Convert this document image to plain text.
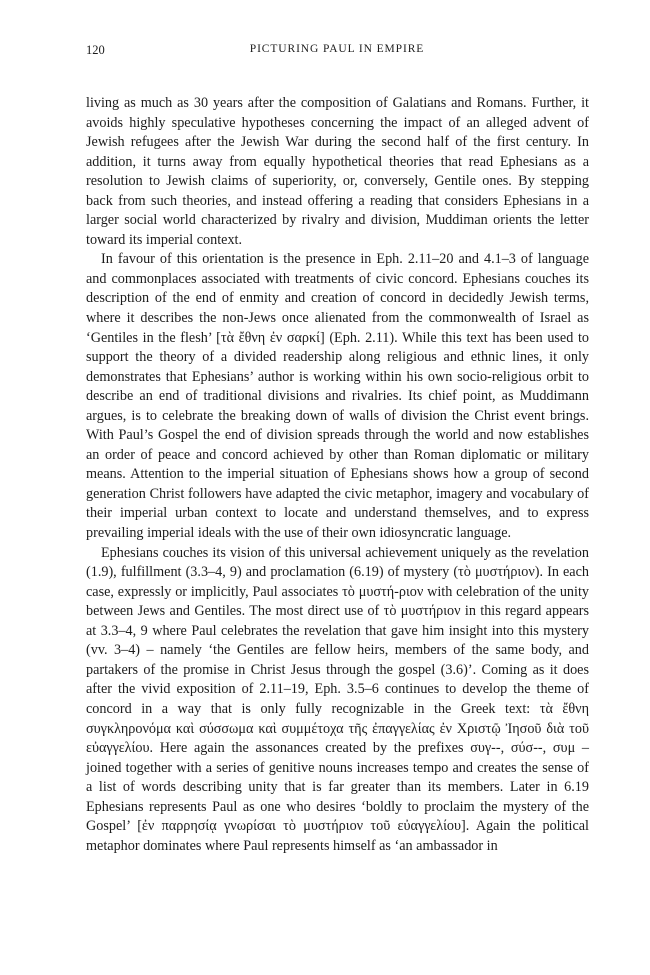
120	PICTURING PAUL IN EMPIRE

living as much as 30 years after the composition of Galatians and Romans. Further, it avoids highly speculative hypotheses concerning the impact of an alleged advent of Jewish refugees after the Jewish War during the second half of the first century. In addition, it turns away from equally hypothetical theories that read Ephesians as a resolution to Jewish claims of superiority, or, conversely, Gentile ones. By stepping back from such theories, and instead offering a reading that considers Ephesians in a larger social world characterized by rivalry and division, Muddiman orients the letter toward its imperial context.

In favour of this orientation is the presence in Eph. 2.11–20 and 4.1–3 of language and commonplaces associated with treatments of civic concord. Ephesians couches its description of the end of enmity and creation of concord in decidedly Jewish terms, where it describes the non-Jews once alienated from the commonwealth of Israel as ‘Gentiles in the flesh’ [τὰ ἔθνη ἐν σαρκί] (Eph. 2.11). While this text has been used to support the theory of a divided readership along religious and ethnic lines, it only demonstrates that Ephesians’ author is working within his own socio-religious orbit to describe an end of traditional divisions and rivalries. Its chief point, as Muddimann argues, is to celebrate the breaking down of walls of division the Christ event brings. With Paul’s Gospel the end of division spreads through the world and now establishes an order of peace and concord achieved by other than Roman diplomatic or military means. Attention to the imperial situation of Ephesians shows how a group of second generation Christ followers have adapted the civic metaphor, imagery and vocabulary of their imperial urban context to locate and understand themselves, and to express prevailing imperial ideals with the use of their own idiosyncratic language.

Ephesians couches its vision of this universal achievement uniquely as the revelation (1.9), fulfillment (3.3–4, 9) and proclamation (6.19) of mystery (τὸ μυστήριον). In each case, expressly or implicitly, Paul associates τὸ μυστή-ριον with celebration of the unity between Jews and Gentiles. The most direct use of τὸ μυστήριον in this regard appears at 3.3–4, 9 where Paul celebrates the revelation that gave him insight into this mystery (vv. 3–4) – namely ‘the Gentiles are fellow heirs, members of the same body, and partakers of the promise in Christ Jesus through the gospel (3.6)’. Coming as it does after the vivid exposition of 2.11–19, Eph. 3.5–6 continues to develop the theme of concord in a way that is only fully recognizable in the Greek text: τὰ ἔθνη συγκληρονόμα καὶ σύσσωμα καὶ συμμέτοχα τῆς ἐπαγγελίας ἐν Χριστῷ Ἰησοῦ διὰ τοῦ εὐαγγελίου. Here again the assonances created by the prefixes συγ--, σύσ--, συμ – joined together with a series of genitive nouns increases tempo and creates the sense of a list of words describing unity that is far greater than its members. Later in 6.19 Ephesians represents Paul as one who desires ‘boldly to proclaim the mystery of the Gospel’ [ἐν παρρησίᾳ γνωρίσαι τὸ μυστήριον τοῦ εὐαγγελίου]. Again the political metaphor dominates where Paul represents himself as ‘an ambassador in
